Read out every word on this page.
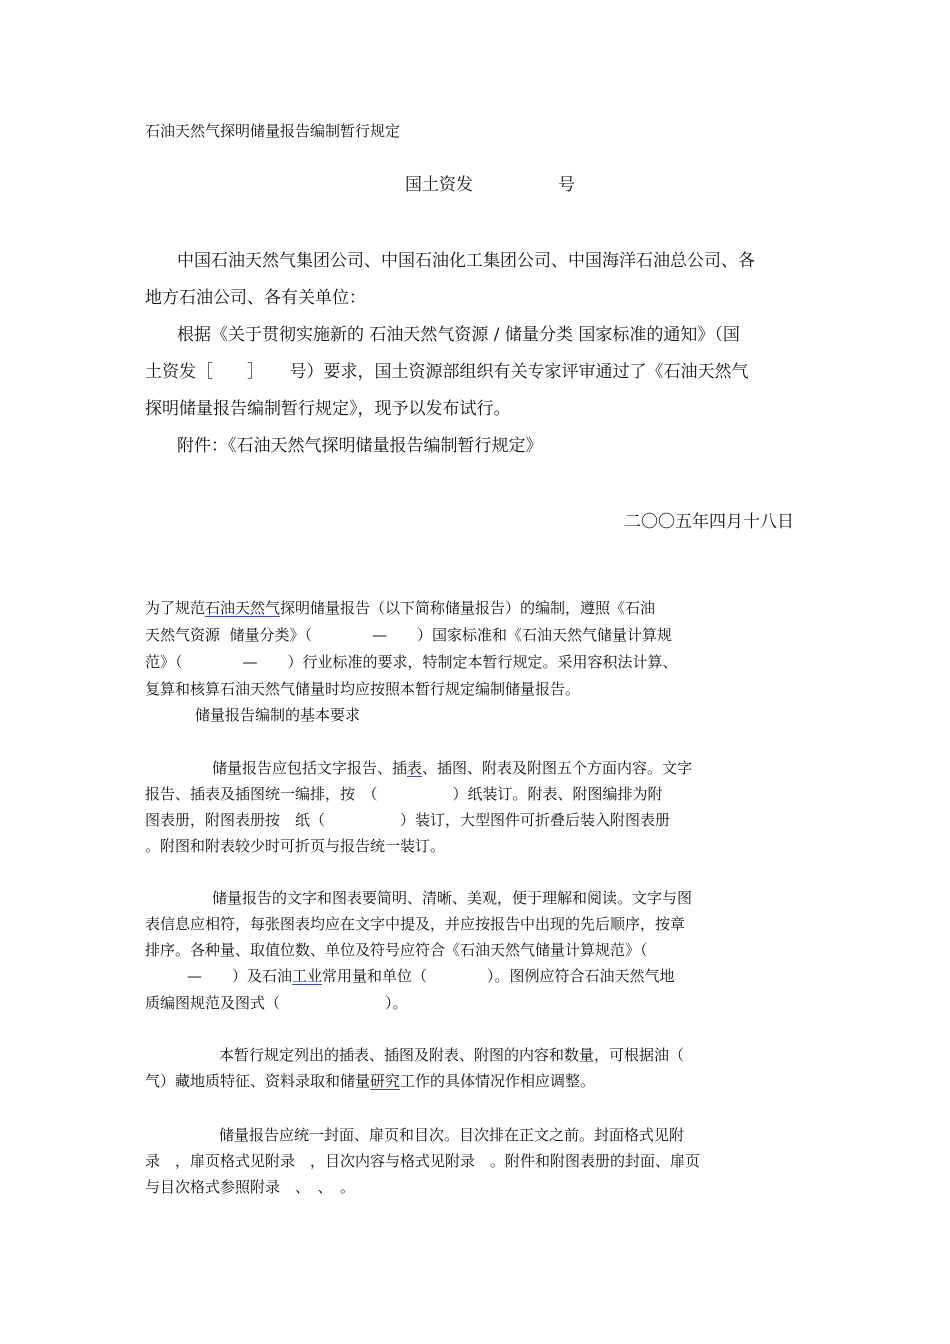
石油天然气探明储量报告编制暂行规定
国土资发　　　　　号
中国石油天然气集团公司、中国石油化工集团公司、中国海洋石油总公司、各
地方石油公司、各有关单位：
根据《关于贯彻实施新的 石油天然气资源 / 储量分类 国家标准的通知》（国
土资发［　　］　　号）要求，国土资源部组织有关专家评审通过了《石油天然气
探明储量报告编制暂行规定》，现予以发布试行。
附件：《石油天然气探明储量报告编制暂行规定》
二〇〇五年四月十八日
为了规范石油天然气探明储量报告（以下简称储量报告）的编制，遵照《石油
天然气资源  储量分类》（　　　　—　　）国家标准和《石油天然气储量计算规
范》（　　　　—　　）行业标准的要求，特制定本暂行规定。采用容积法计算、
复算和核算石油天然气储量时均应按照本暂行规定编制储量报告。
储量报告编制的基本要求
储量报告应包括文字报告、插表、插图、附表及附图五个方面内容。文字
报告、插表及插图统一编排，按　（　　　　　）纸装订。附表、附图编排为附
图表册，附图表册按　纸（　　　　　）装订，大型图件可折叠后装入附图表册
。附图和附表较少时可折页与报告统一装订。
储量报告的文字和图表要简明、清晰、美观，便于理解和阅读。文字与图
表信息应相符，每张图表均应在文字中提及，并应按报告中出现的先后顺序，按章
排序。各种量、取值位数、单位及符号应符合《石油天然气储量计算规范》（
—　　）及石油工业常用量和单位（　　　　）。图例应符合石油天然气地
质编图规范及图式（　　　　　　　）。
本暂行规定列出的插表、插图及附表、附图的内容和数量，可根据油（
气）藏地质特征、资料录取和储量研究工作的具体情况作相应调整。
储量报告应统一封面、扉页和目次。目次排在正文之前。封面格式见附
录　，扉页格式见附录　，目次内容与格式见附录　。附件和附图表册的封面、扉页
与目次格式参照附录　、　、　。
